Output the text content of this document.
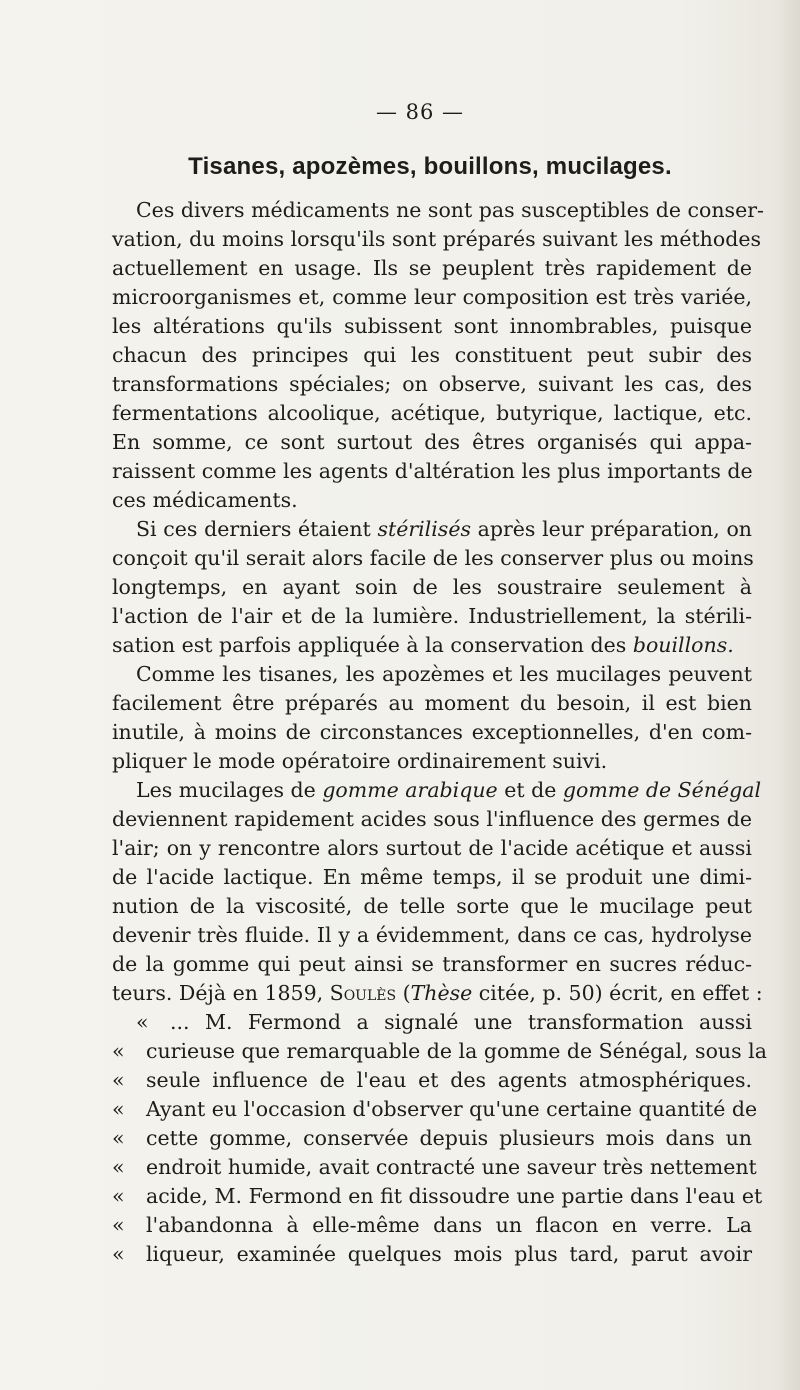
— 86 —
Tisanes, apozèmes, bouillons, mucilages.
Ces divers médicaments ne sont pas susceptibles de conser-
vation, du moins lorsqu'ils sont préparés suivant les méthodes
actuellement en usage. Ils se peuplent très rapidement de
microorganismes et, comme leur composition est très variée,
les altérations qu'ils subissent sont innombrables, puisque
chacun des principes qui les constituent peut subir des
transformations spéciales; on observe, suivant les cas, des
fermentations alcoolique, acétique, butyrique, lactique, etc.
En somme, ce sont surtout des êtres organisés qui appa-
raissent comme les agents d'altération les plus importants de
ces médicaments.
Si ces derniers étaient stérilisés après leur préparation, on
conçoit qu'il serait alors facile de les conserver plus ou moins
longtemps, en ayant soin de les soustraire seulement à
l'action de l'air et de la lumière. Industriellement, la stérili-
sation est parfois appliquée à la conservation des bouillons.
Comme les tisanes, les apozèmes et les mucilages peuvent
facilement être préparés au moment du besoin, il est bien
inutile, à moins de circonstances exceptionnelles, d'en com-
pliquer le mode opératoire ordinairement suivi.
Les mucilages de gomme arabique et de gomme de Sénégal
deviennent rapidement acides sous l'influence des germes de
l'air; on y rencontre alors surtout de l'acide acétique et aussi
de l'acide lactique. En même temps, il se produit une dimi-
nution de la viscosité, de telle sorte que le mucilage peut
devenir très fluide. Il y a évidemment, dans ce cas, hydrolyse
de la gomme qui peut ainsi se transformer en sucres réduc-
teurs. Déjà en 1859, Soulès (Thèse citée, p. 50) écrit, en effet :
« ... M. Fermond a signalé une transformation aussi
« curieuse que remarquable de la gomme de Sénégal, sous la
« seule influence de l'eau et des agents atmosphériques.
« Ayant eu l'occasion d'observer qu'une certaine quantité de
« cette gomme, conservée depuis plusieurs mois dans un
« endroit humide, avait contracté une saveur très nettement
« acide, M. Fermond en fit dissoudre une partie dans l'eau et
« l'abandonna à elle-même dans un flacon en verre. La
« liqueur, examinée quelques mois plus tard, parut avoir
